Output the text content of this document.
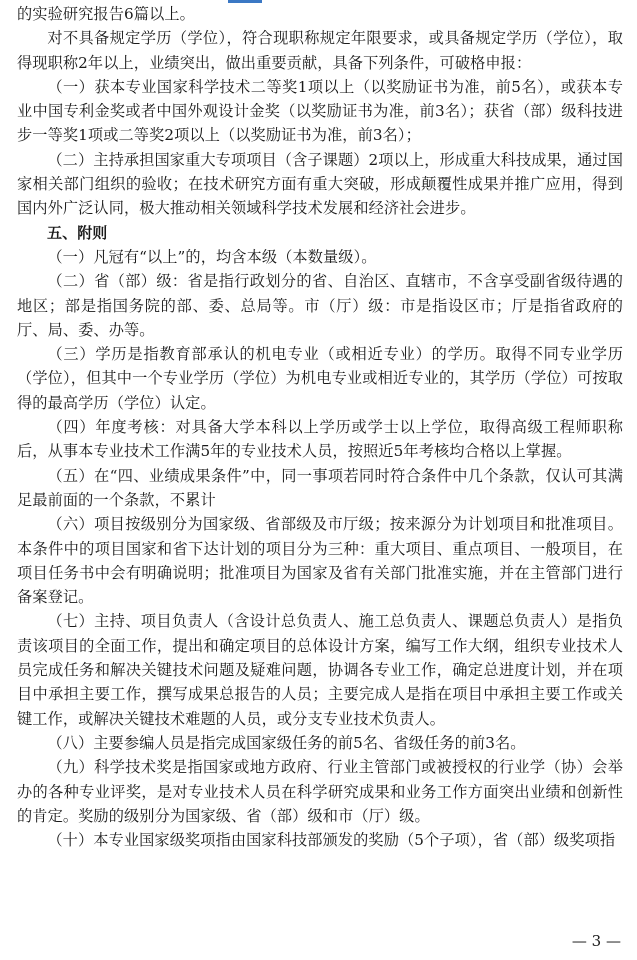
的实验研究报告6篇以上。

对不具备规定学历（学位），符合现职称规定年限要求，或具备规定学历（学位），取得现职称2年以上，业绩突出，做出重要贡献，具备下列条件，可破格申报：

（一）获本专业国家科学技术二等奖1项以上（以奖励证书为准，前5名），或获本专业中国专利金奖或者中国外观设计金奖（以奖励证书为准，前3名）；获省（部）级科技进步一等奖1项或二等奖2项以上（以奖励证书为准，前3名）；

（二）主持承担国家重大专项项目（含子课题）2项以上，形成重大科技成果，通过国家相关部门组织的验收；在技术研究方面有重大突破，形成颠覆性成果并推广应用，得到国内外广泛认同，极大推动相关领域科学技术发展和经济社会进步。

五、附则

（一）凡冠有“以上”的，均含本级（本数量级）。

（二）省（部）级：省是指行政划分的省、自治区、直辖市，不含享受副省级待遇的地区；部是指国务院的部、委、总局等。市（厅）级：市是指设区市；厅是指省政府的厅、局、委、办等。

（三）学历是指教育部承认的机电专业（或相近专业）的学历。取得不同专业学历（学位），但其中一个专业学历（学位）为机电专业或相近专业的，其学历（学位）可按取得的最高学历（学位）认定。

（四）年度考核：对具备大学本科以上学历或学士以上学位，取得高级工程师职称后，从事本专业技术工作满5年的专业技术人员，按照近5年考核均合格以上掌握。

（五）在“四、业绩成果条件”中，同一事项若同时符合条件中几个条款，仅认可其满足最前面的一个条款，不累计

（六）项目按级别分为国家级、省部级及市厅级；按来源分为计划项目和批准项目。本条件中的项目国家和省下达计划的项目分为三种：重大项目、重点项目、一般项目，在项目任务书中会有明确说明；批准项目为国家及省有关部门批准实施，并在主管部门进行备案登记。

（七）主持、项目负责人（含设计总负责人、施工总负责人、课题总负责人）是指负责该项目的全面工作，提出和确定项目的总体设计方案，编写工作大纲，组织专业技术人员完成任务和解决关键技术问题及疑难问题，协调各专业工作，确定总进度计划，并在项目中承担主要工作，撰写成果总报告的人员；主要完成人是指在项目中承担主要工作或关键工作，或解决关键技术难题的人员，或分支专业技术负责人。

（八）主要参编人员是指完成国家级任务的前5名、省级任务的前3名。

（九）科学技术奖是指国家或地方政府、行业主管部门或被授权的行业学（协）会举办的各种专业评奖，是对专业技术人员在科学研究成果和业务工作方面突出业绩和创新性的肯定。奖励的级别分为国家级、省（部）级和市（厅）级。

（十）本专业国家级奖项指由国家科技部颁发的奖励（5个子项），省（部）级奖项指

— 3 —
